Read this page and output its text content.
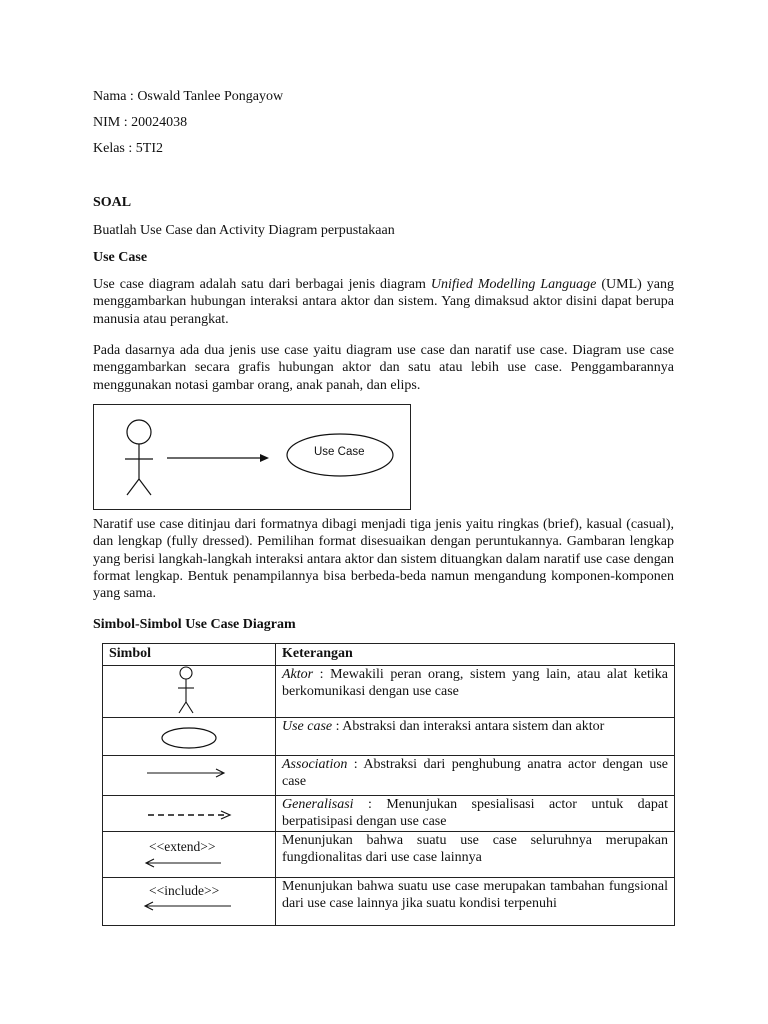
Nama : Oswald Tanlee Pongayow

NIM : 20024038

Kelas : 5TI2

SOAL

Buatlah Use Case dan Activity Diagram perpustakaan

Use Case

Use case diagram adalah satu dari berbagai jenis diagram Unified Modelling Language (UML) yang menggambarkan hubungan interaksi antara aktor dan sistem. Yang dimaksud aktor disini dapat berupa manusia atau perangkat.

Pada dasarnya ada dua jenis use case yaitu diagram use case dan naratif use case. Diagram use case menggambarkan secara grafis hubungan aktor dan satu atau lebih use case. Penggambarannya menggunakan notasi gambar orang, anak panah, dan elips.

Use Case

Naratif use case ditinjau dari formatnya dibagi menjadi tiga jenis yaitu ringkas (brief), kasual (casual), dan lengkap (fully dressed). Pemilihan format disesuaikan dengan peruntukannya. Gambaran lengkap yang berisi langkah-langkah interaksi antara aktor dan sistem dituangkan dalam naratif use case dengan format lengkap. Bentuk penampilannya bisa berbeda-beda namun mengandung komponen-komponen yang sama.

Simbol-Simbol Use Case Diagram

Simbol	Keterangan

	Aktor : Mewakili peran orang, sistem yang lain, atau alat ketika berkomunikasi dengan use case

	Use case : Abstraksi dan interaksi antara sistem dan aktor

	Association : Abstraksi dari penghubung anatra actor dengan use case

	Generalisasi : Menunjukan spesialisasi actor untuk dapat berpatisipasi dengan use case

<<extend>>	Menunjukan bahwa suatu use case seluruhnya merupakan fungdionalitas dari use case lainnya

<<include>>	Menunjukan bahwa suatu use case merupakan tambahan fungsional dari use case lainnya jika suatu kondisi terpenuhi
